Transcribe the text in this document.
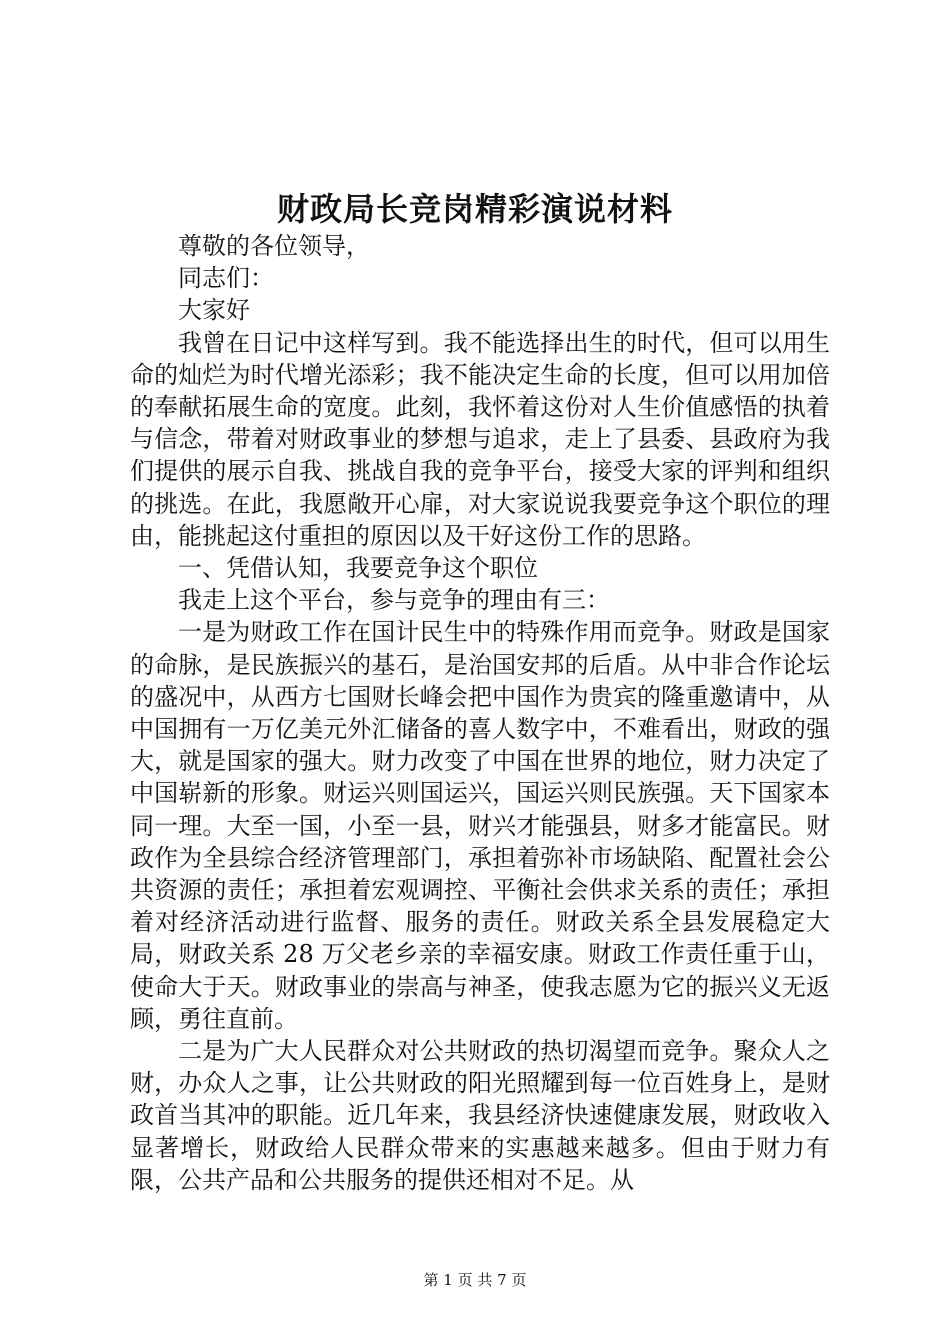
财政局长竞岗精彩演说材料

尊敬的各位领导，

同志们：

大家好

我曾在日记中这样写到。我不能选择出生的时代，但可以用生命的灿烂为时代增光添彩；我不能决定生命的长度，但可以用加倍的奉献拓展生命的宽度。此刻，我怀着这份对人生价值感悟的执着与信念，带着对财政事业的梦想与追求，走上了县委、县政府为我们提供的展示自我、挑战自我的竞争平台，接受大家的评判和组织的挑选。在此，我愿敞开心扉，对大家说说我要竞争这个职位的理由，能挑起这付重担的原因以及干好这份工作的思路。

一、凭借认知，我要竞争这个职位

我走上这个平台，参与竞争的理由有三：

一是为财政工作在国计民生中的特殊作用而竞争。财政是国家的命脉，是民族振兴的基石，是治国安邦的后盾。从中非合作论坛的盛况中，从西方七国财长峰会把中国作为贵宾的隆重邀请中，从中国拥有一万亿美元外汇储备的喜人数字中，不难看出，财政的强大，就是国家的强大。财力改变了中国在世界的地位，财力决定了中国崭新的形象。财运兴则国运兴，国运兴则民族强。天下国家本同一理。大至一国，小至一县，财兴才能强县，财多才能富民。财政作为全县综合经济管理部门，承担着弥补市场缺陷、配置社会公共资源的责任；承担着宏观调控、平衡社会供求关系的责任；承担着对经济活动进行监督、服务的责任。财政关系全县发展稳定大局，财政关系 28 万父老乡亲的幸福安康。财政工作责任重于山，使命大于天。财政事业的崇高与神圣，使我志愿为它的振兴义无返顾，勇往直前。

二是为广大人民群众对公共财政的热切渴望而竞争。聚众人之财，办众人之事，让公共财政的阳光照耀到每一位百姓身上，是财政首当其冲的职能。近几年来，我县经济快速健康发展，财政收入显著增长，财政给人民群众带来的实惠越来越多。但由于财力有限，公共产品和公共服务的提供还相对不足。从

第 1 页 共 7 页
